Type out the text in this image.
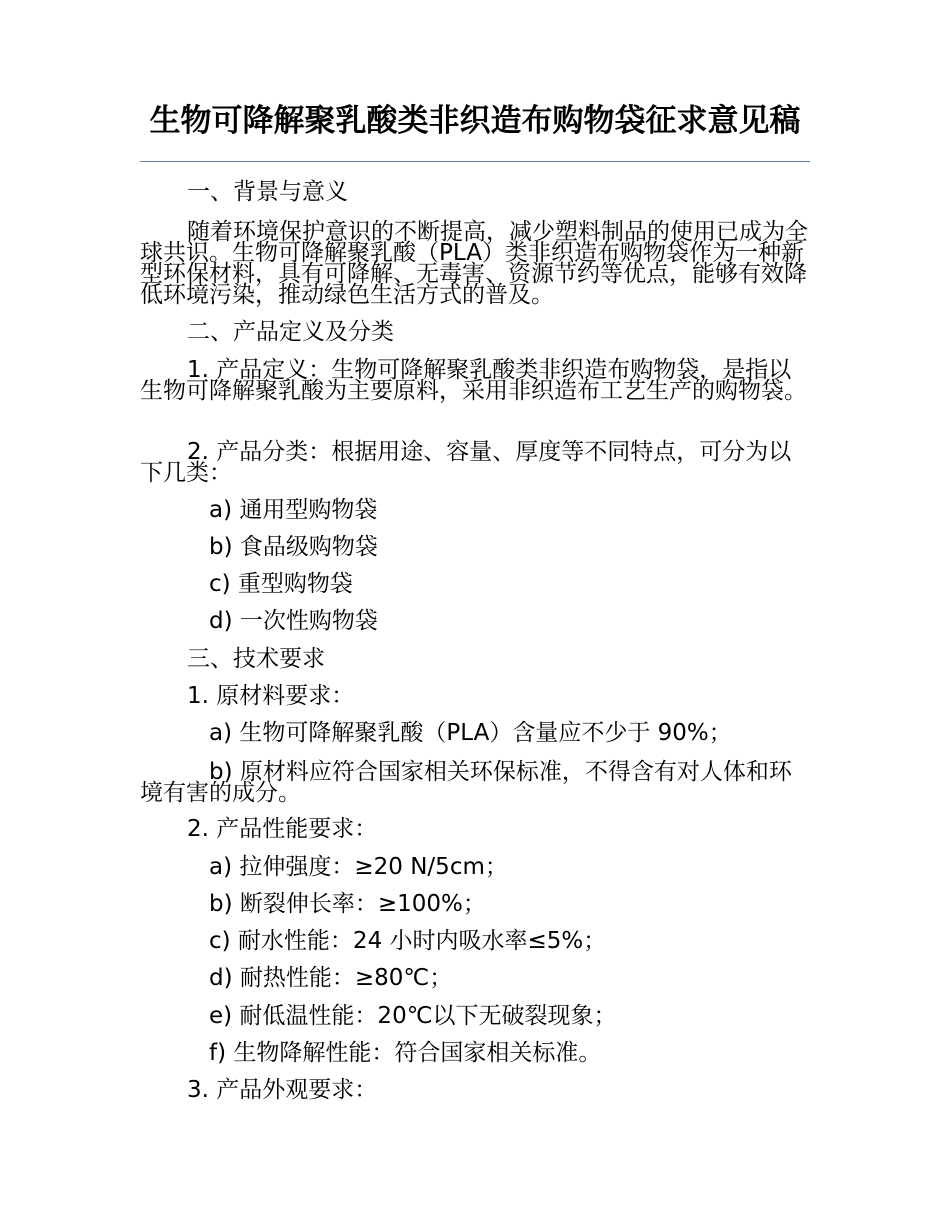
生物可降解聚乳酸类非织造布购物袋征求意见稿
一、背景与意义
随着环境保护意识的不断提高，减少塑料制品的使用已成为全球共识。生物可降解聚乳酸（PLA）类非织造布购物袋作为一种新型环保材料，具有可降解、无毒害、资源节约等优点，能够有效降低环境污染，推动绿色生活方式的普及。
二、产品定义及分类
1. 产品定义：生物可降解聚乳酸类非织造布购物袋，是指以生物可降解聚乳酸为主要原料，采用非织造布工艺生产的购物袋。
2. 产品分类：根据用途、容量、厚度等不同特点，可分为以下几类：
a) 通用型购物袋
b) 食品级购物袋
c) 重型购物袋
d) 一次性购物袋
三、技术要求
1. 原材料要求：
a) 生物可降解聚乳酸（PLA）含量应不少于 90%；
b) 原材料应符合国家相关环保标准，不得含有对人体和环境有害的成分。
2. 产品性能要求：
a) 拉伸强度：≥20 N/5cm；
b) 断裂伸长率：≥100%；
c) 耐水性能：24 小时内吸水率≤5%；
d) 耐热性能：≥80℃；
e) 耐低温性能：20℃以下无破裂现象；
f) 生物降解性能：符合国家相关标准。
3. 产品外观要求：
